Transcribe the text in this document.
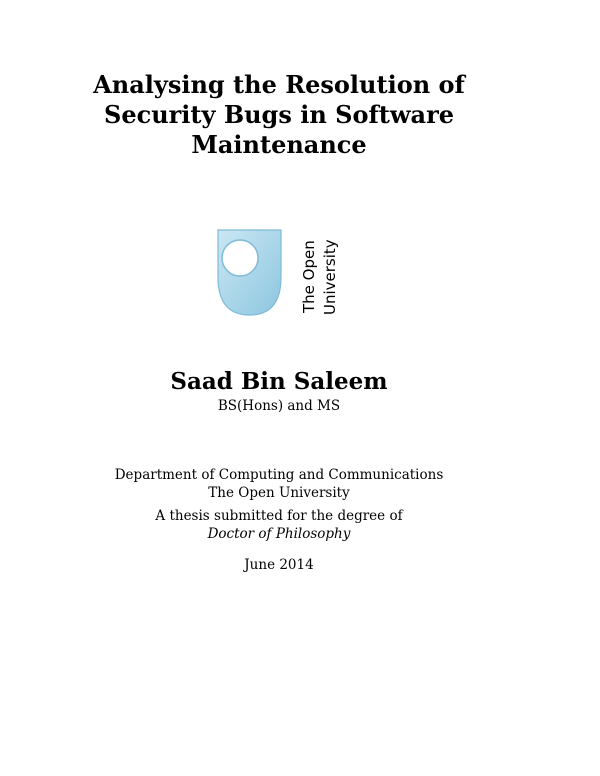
Analysing the Resolution of
Security Bugs in Software
Maintenance
The Open University
Saad Bin Saleem
BS(Hons) and MS
Department of Computing and Communications
The Open University
A thesis submitted for the degree of
Doctor of Philosophy
June 2014
